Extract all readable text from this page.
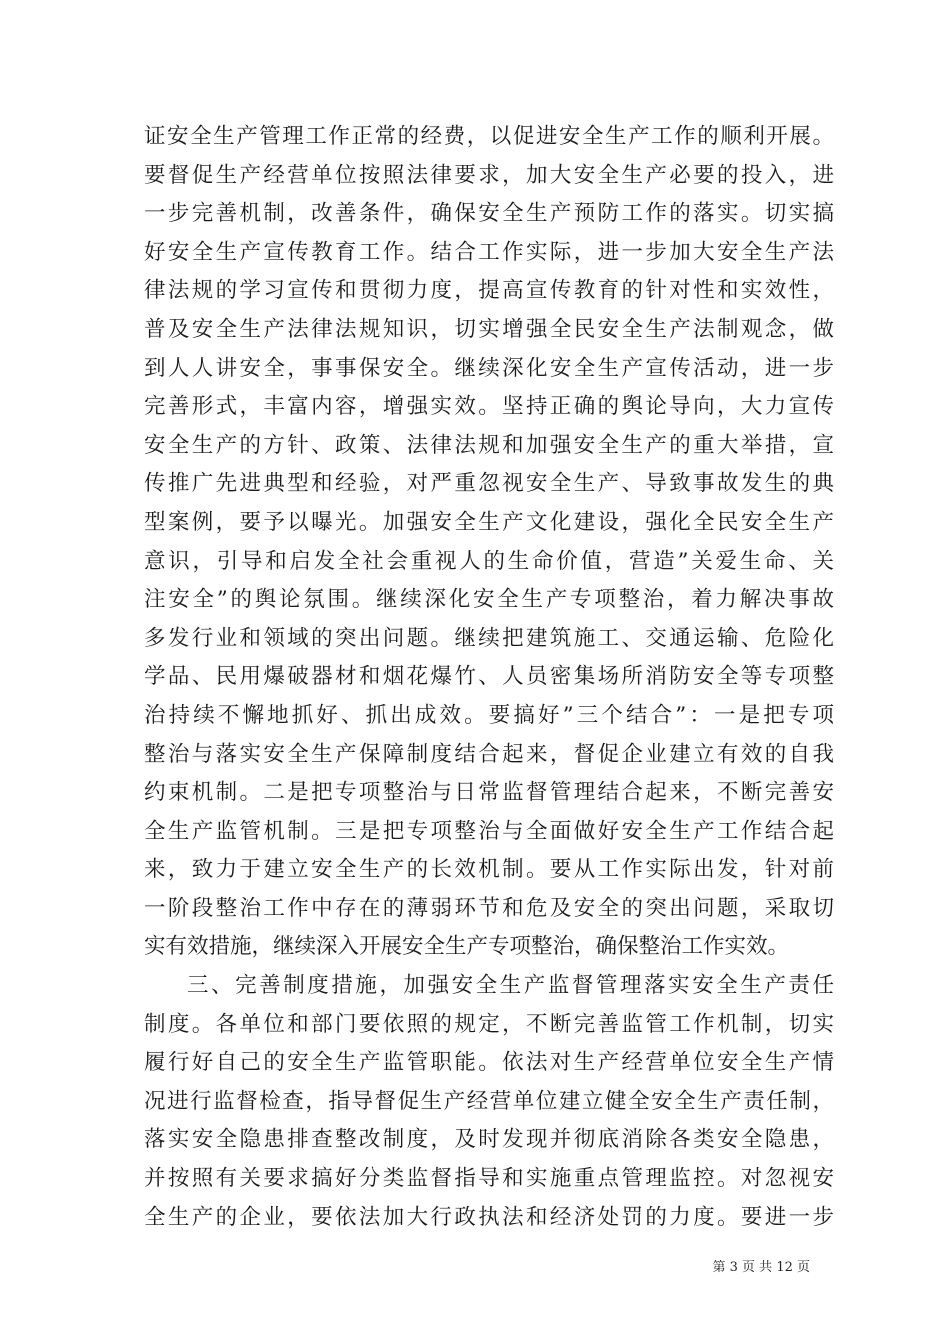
证安全生产管理工作正常的经费，以促进安全生产工作的顺利开展。
要督促生产经营单位按照法律要求，加大安全生产必要的投入，进
一步完善机制，改善条件，确保安全生产预防工作的落实。切实搞
好安全生产宣传教育工作。结合工作实际，进一步加大安全生产法
律法规的学习宣传和贯彻力度，提高宣传教育的针对性和实效性，
普及安全生产法律法规知识，切实增强全民安全生产法制观念，做
到人人讲安全，事事保安全。继续深化安全生产宣传活动，进一步
完善形式，丰富内容，增强实效。坚持正确的舆论导向，大力宣传
安全生产的方针、政策、法律法规和加强安全生产的重大举措，宣
传推广先进典型和经验，对严重忽视安全生产、导致事故发生的典
型案例，要予以曝光。加强安全生产文化建设，强化全民安全生产
意识，引导和启发全社会重视人的生命价值，营造”关爱生命、关
注安全”的舆论氛围。继续深化安全生产专项整治，着力解决事故
多发行业和领域的突出问题。继续把建筑施工、交通运输、危险化
学品、民用爆破器材和烟花爆竹、人员密集场所消防安全等专项整
治持续不懈地抓好、抓出成效。要搞好”三个结合”：一是把专项
整治与落实安全生产保障制度结合起来，督促企业建立有效的自我
约束机制。二是把专项整治与日常监督管理结合起来，不断完善安
全生产监管机制。三是把专项整治与全面做好安全生产工作结合起
来，致力于建立安全生产的长效机制。要从工作实际出发，针对前
一阶段整治工作中存在的薄弱环节和危及安全的突出问题，采取切
实有效措施，继续深入开展安全生产专项整治，确保整治工作实效。
三、完善制度措施，加强安全生产监督管理落实安全生产责任
制度。各单位和部门要依照的规定，不断完善监管工作机制，切实
履行好自己的安全生产监管职能。依法对生产经营单位安全生产情
况进行监督检查，指导督促生产经营单位建立健全安全生产责任制，
落实安全隐患排查整改制度，及时发现并彻底消除各类安全隐患，
并按照有关要求搞好分类监督指导和实施重点管理监控。对忽视安
全生产的企业，要依法加大行政执法和经济处罚的力度。要进一步
第 3 页 共 12 页
